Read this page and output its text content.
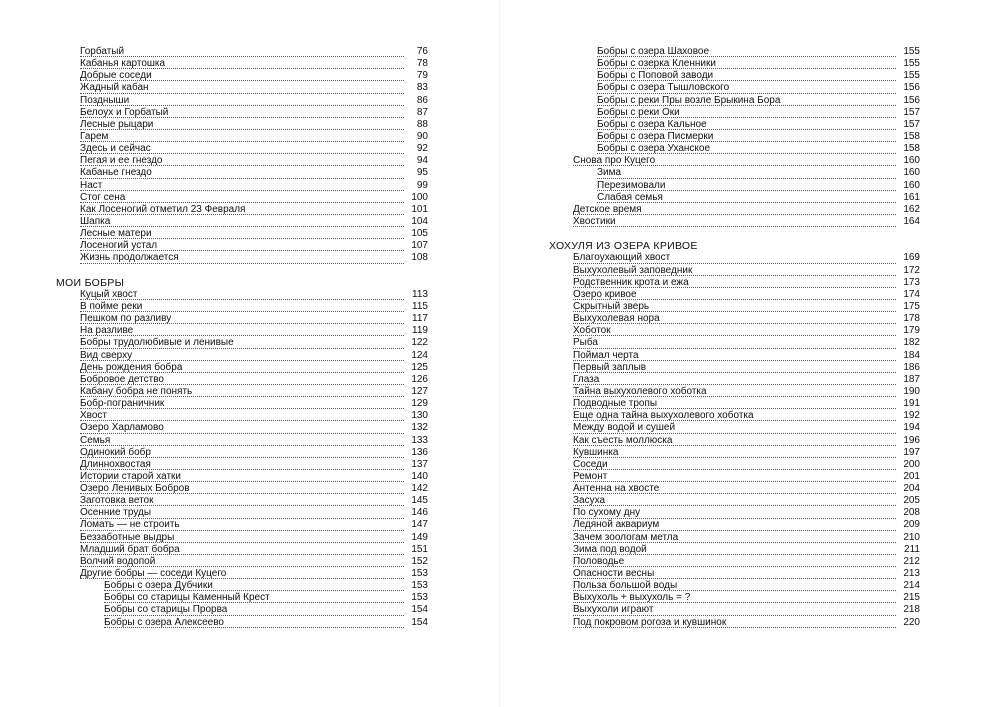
Горбатый	76
Кабанья картошка	78
Добрые соседи	79
Жадный кабан	83
Поздныши	86
Белоух и Горбатый	87
Лесные рыцари	88
Гарем	90
Здесь и сейчас	92
Пегая и ее гнездо	94
Кабанье гнездо	95
Наст	99
Стог сена	100
Как Лосеногий отметил 23 Февраля	101
Шапка	104
Лесные матери	105
Лосеногий устал	107
Жизнь продолжается	108
МОИ БОБРЫ
Куцый хвост	113
В пойме реки	115
Пешком по разливу	117
На разливе	119
Бобры трудолюбивые и ленивые	122
Вид сверху	124
День рождения бобра	125
Бобровое детство	126
Кабану бобра не понять	127
Бобр-пограничник	129
Хвост	130
Озеро Харламово	132
Семья	133
Одинокий бобр	136
Длиннохвостая	137
Истории старой хатки	140
Озеро Ленивых Бобров	142
Заготовка веток	145
Осенние труды	146
Ломать — не строить	147
Беззаботные выдры	149
Младший брат бобра	151
Волчий водопой	152
Другие бобры — соседи Куцего	153
Бобры с озера Дубчики	153
Бобры со старицы Каменный Крест	153
Бобры со старицы Прорва	154
Бобры с озера Алексеево	154
Бобры с озера Шаховое	155
Бобры с озерка Кленники	155
Бобры с Поповой заводи	155
Бобры с озера Тышловского	156
Бобры с реки Пры возле Брыкина Бора	156
Бобры с реки Оки	157
Бобры с озера Кальное	157
Бобры с озера Писмерки	158
Бобры с озера Уханское	158
Снова про Куцего	160
Зима	160
Перезимовали	160
Слабая семья	161
Детское время	162
Хвостики	164
ХОХУЛЯ ИЗ ОЗЕРА КРИВОЕ
Благоухающий хвост	169
Выхухолевый заповедник	172
Родственник крота и ежа	173
Озеро кривое	174
Скрытный зверь	175
Выхухолевая нора	178
Хоботок	179
Рыба	182
Поймал черта	184
Первый заплыв	186
Глаза	187
Тайна выхухолевого хоботка	190
Подводные тропы	191
Еще одна тайна выхухолевого хоботка	192
Между водой и сушей	194
Как съесть моллюска	196
Кувшинка	197
Соседи	200
Ремонт	201
Антенна на хвосте	204
Засуха	205
По сухому дну	208
Ледяной аквариум	209
Зачем зоологам метла	210
Зима под водой	211
Половодье	212
Опасности весны	213
Польза большой воды	214
Выхухоль + выхухоль = ?	215
Выхухоли играют	218
Под покровом рогоза и кувшинок	220
